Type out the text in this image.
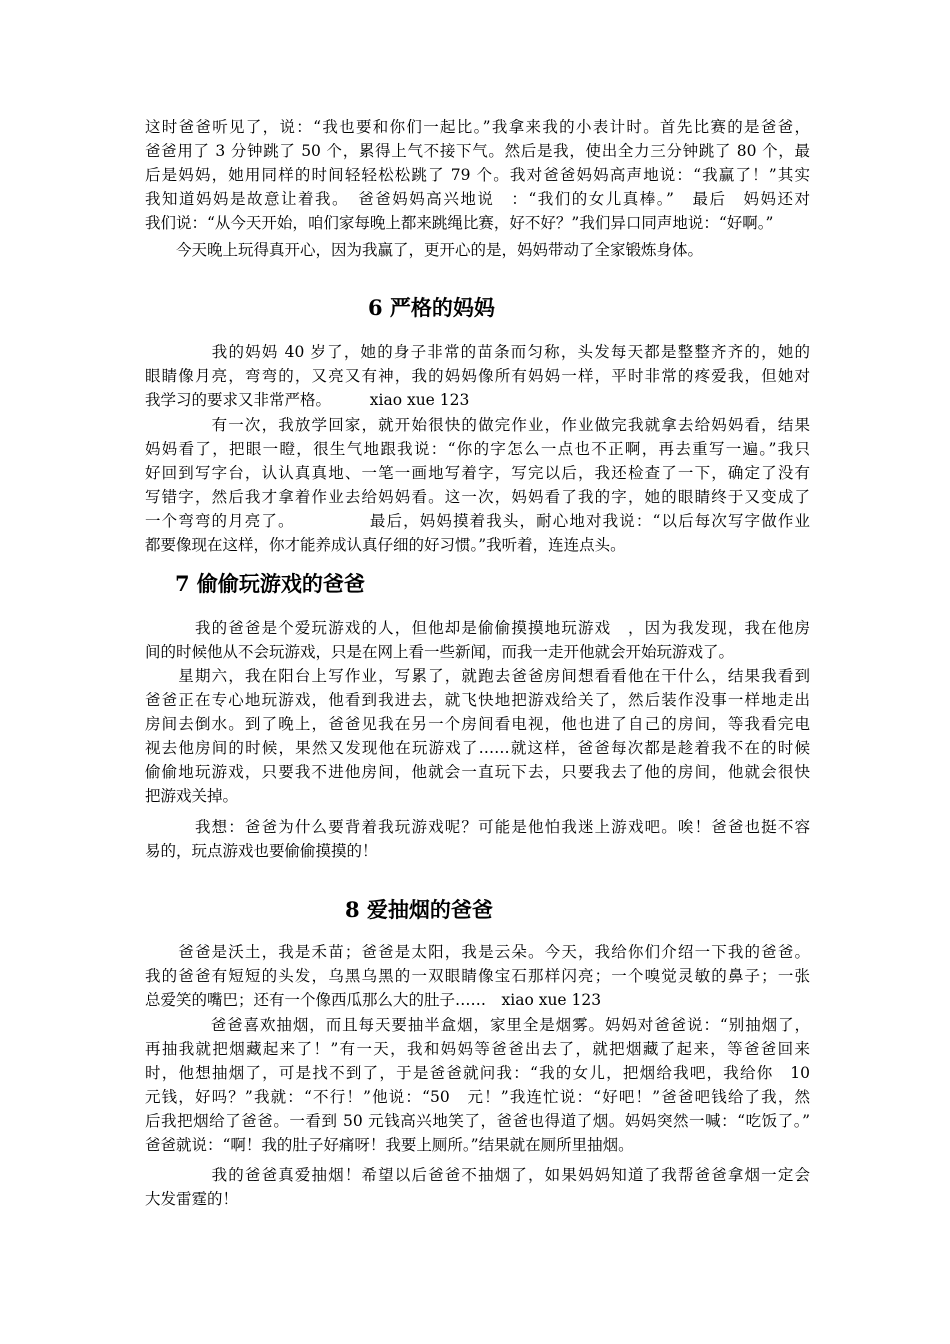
这时爸爸听见了，说：“我也要和你们一起比。”我拿来我的小表计时。首先比赛的是爸爸，
爸爸用了 3 分钟跳了 50 个，累得上气不接下气。然后是我，使出全力三分钟跳了 80 个，最
后是妈妈，她用同样的时间轻轻松松跳了 79 个。我对爸爸妈妈高声地说：“我赢了！”其实
我知道妈妈是故意让着我。　爸爸妈妈高兴地说　：“我们的女儿真棒。”　最后　妈妈还对
我们说：“从今天开始，咱们家每晚上都来跳绳比赛，好不好？”我们异口同声地说：“好啊。”
　　今天晚上玩得真开心，因为我赢了，更开心的是，妈妈带动了全家锻炼身体。
6 严格的妈妈
　　　　我的妈妈 40 岁了，她的身子非常的苗条而匀称，头发每天都是整整齐齐的，她的
眼睛像月亮，弯弯的，又亮又有神，我的妈妈像所有妈妈一样，平时非常的疼爱我，但她对
我学习的要求又非常严格。　　　xiao xue 123
　　　　有一次，我放学回家，就开始很快的做完作业，作业做完我就拿去给妈妈看，结果
妈妈看了，把眼一瞪，很生气地跟我说：“你的字怎么一点也不正啊，再去重写一遍。”我只
好回到写字台，认认真真地、一笔一画地写着字，写完以后，我还检查了一下，确定了没有
写错字，然后我才拿着作业去给妈妈看。这一次，妈妈看了我的字，她的眼睛终于又变成了
一个弯弯的月亮了。　　　　　最后，妈妈摸着我头，耐心地对我说：“以后每次写字做作业
都要像现在这样，你才能养成认真仔细的好习惯。”我听着，连连点头。
7 偷偷玩游戏的爸爸
　　　我的爸爸是个爱玩游戏的人，但他却是偷偷摸摸地玩游戏　，因为我发现，我在他房
间的时候他从不会玩游戏，只是在网上看一些新闻，而我一走开他就会开始玩游戏了。
　　星期六，我在阳台上写作业，写累了，就跑去爸爸房间想看看他在干什么，结果我看到
爸爸正在专心地玩游戏，他看到我进去，就飞快地把游戏给关了，然后装作没事一样地走出
房间去倒水。到了晚上，爸爸见我在另一个房间看电视，他也进了自己的房间，等我看完电
视去他房间的时候，果然又发现他在玩游戏了……就这样，爸爸每次都是趁着我不在的时候
偷偷地玩游戏，只要我不进他房间，他就会一直玩下去，只要我去了他的房间，他就会很快
把游戏关掉。
　　　我想：爸爸为什么要背着我玩游戏呢？可能是他怕我迷上游戏吧。唉！爸爸也挺不容
易的，玩点游戏也要偷偷摸摸的！
8 爱抽烟的爸爸
　　爸爸是沃土，我是禾苗；爸爸是太阳，我是云朵。今天，我给你们介绍一下我的爸爸。
我的爸爸有短短的头发，乌黑乌黑的一双眼睛像宝石那样闪亮；一个嗅觉灵敏的鼻子；一张
总爱笑的嘴巴；还有一个像西瓜那么大的肚子……　xiao xue 123
　　　　爸爸喜欢抽烟，而且每天要抽半盒烟，家里全是烟雾。妈妈对爸爸说：“别抽烟了，
再抽我就把烟藏起来了！”有一天，我和妈妈等爸爸出去了，就把烟藏了起来，等爸爸回来
时，他想抽烟了，可是找不到了，于是爸爸就问我：“我的女儿，把烟给我吧，我给你　10
元钱，好吗？”我就：“不行！”他说：“50　元！”我连忙说：“好吧！”爸爸吧钱给了我，然
后我把烟给了爸爸。一看到 50 元钱高兴地笑了，爸爸也得道了烟。妈妈突然一喊：“吃饭了。”
爸爸就说：“啊！我的肚子好痛呀！我要上厕所。”结果就在厕所里抽烟。
　　　　我的爸爸真爱抽烟！希望以后爸爸不抽烟了，如果妈妈知道了我帮爸爸拿烟一定会
大发雷霆的！
